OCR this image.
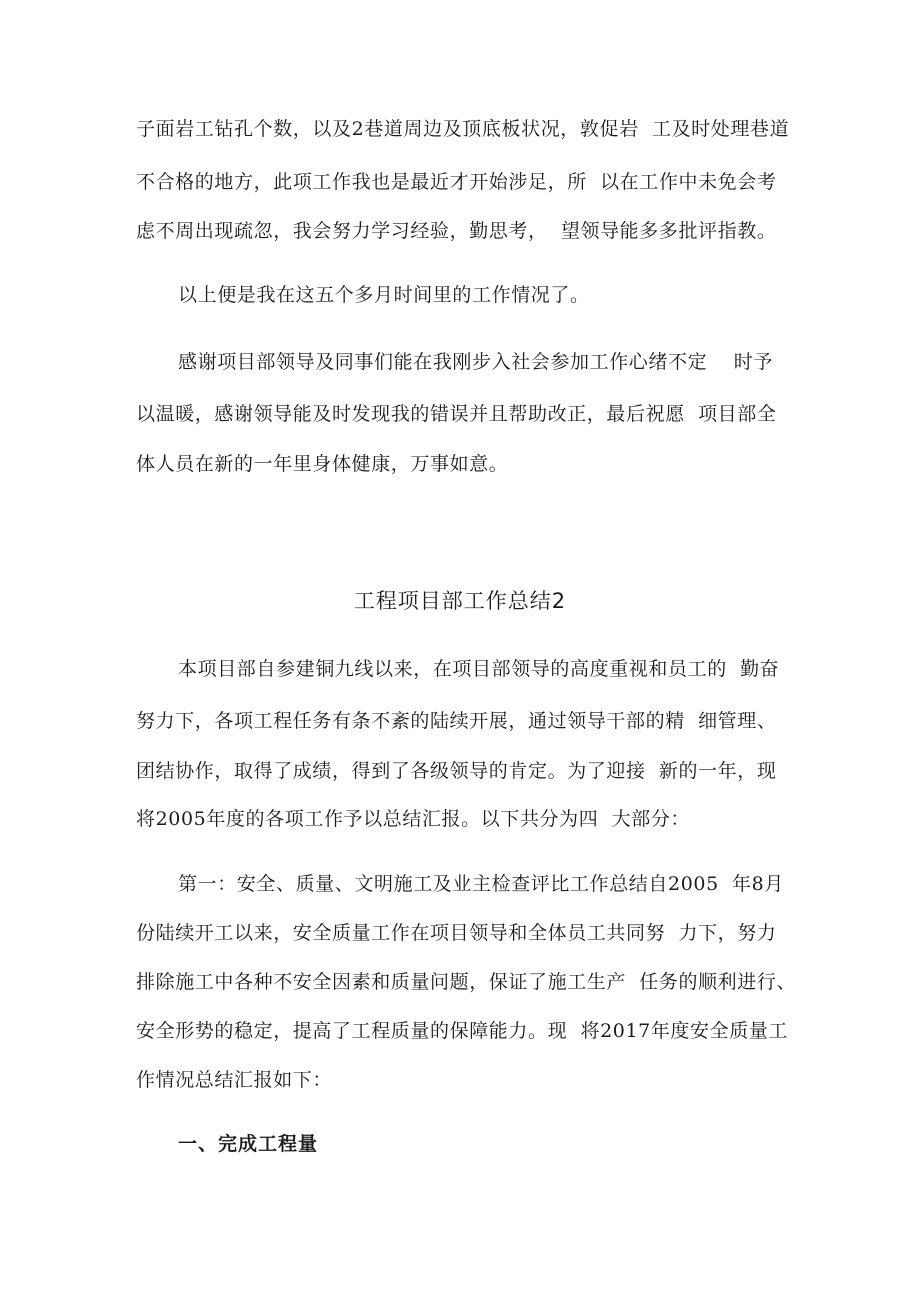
子面岩工钻孔个数，以及2巷道周边及顶底板状况，敦促岩  工及时处理巷道
不合格的地方，此项工作我也是最近才开始涉足，所  以在工作中未免会考
虑不周出现疏忽，我会努力学习经验，勤思考，  望领导能多多批评指教。
以上便是我在这五个多月时间里的工作情况了。
感谢项目部领导及同事们能在我刚步入社会参加工作心绪不定    时予
以温暖，感谢领导能及时发现我的错误并且帮助改正，最后祝愿  项目部全
体人员在新的一年里身体健康，万事如意。
工程项目部工作总结2
本项目部自参建铜九线以来，在项目部领导的高度重视和员工的  勤奋
努力下，各项工程任务有条不紊的陆续开展，通过领导干部的精  细管理、
团结协作，取得了成绩，得到了各级领导的肯定。为了迎接  新的一年，现
将2005年度的各项工作予以总结汇报。以下共分为四  大部分：
第一：安全、质量、文明施工及业主检查评比工作总结自2005  年8月
份陆续开工以来，安全质量工作在项目领导和全体员工共同努  力下，努力
排除施工中各种不安全因素和质量问题，保证了施工生产  任务的顺利进行、
安全形势的稳定，提高了工程质量的保障能力。现  将2017年度安全质量工
作情况总结汇报如下：
一、完成工程量
